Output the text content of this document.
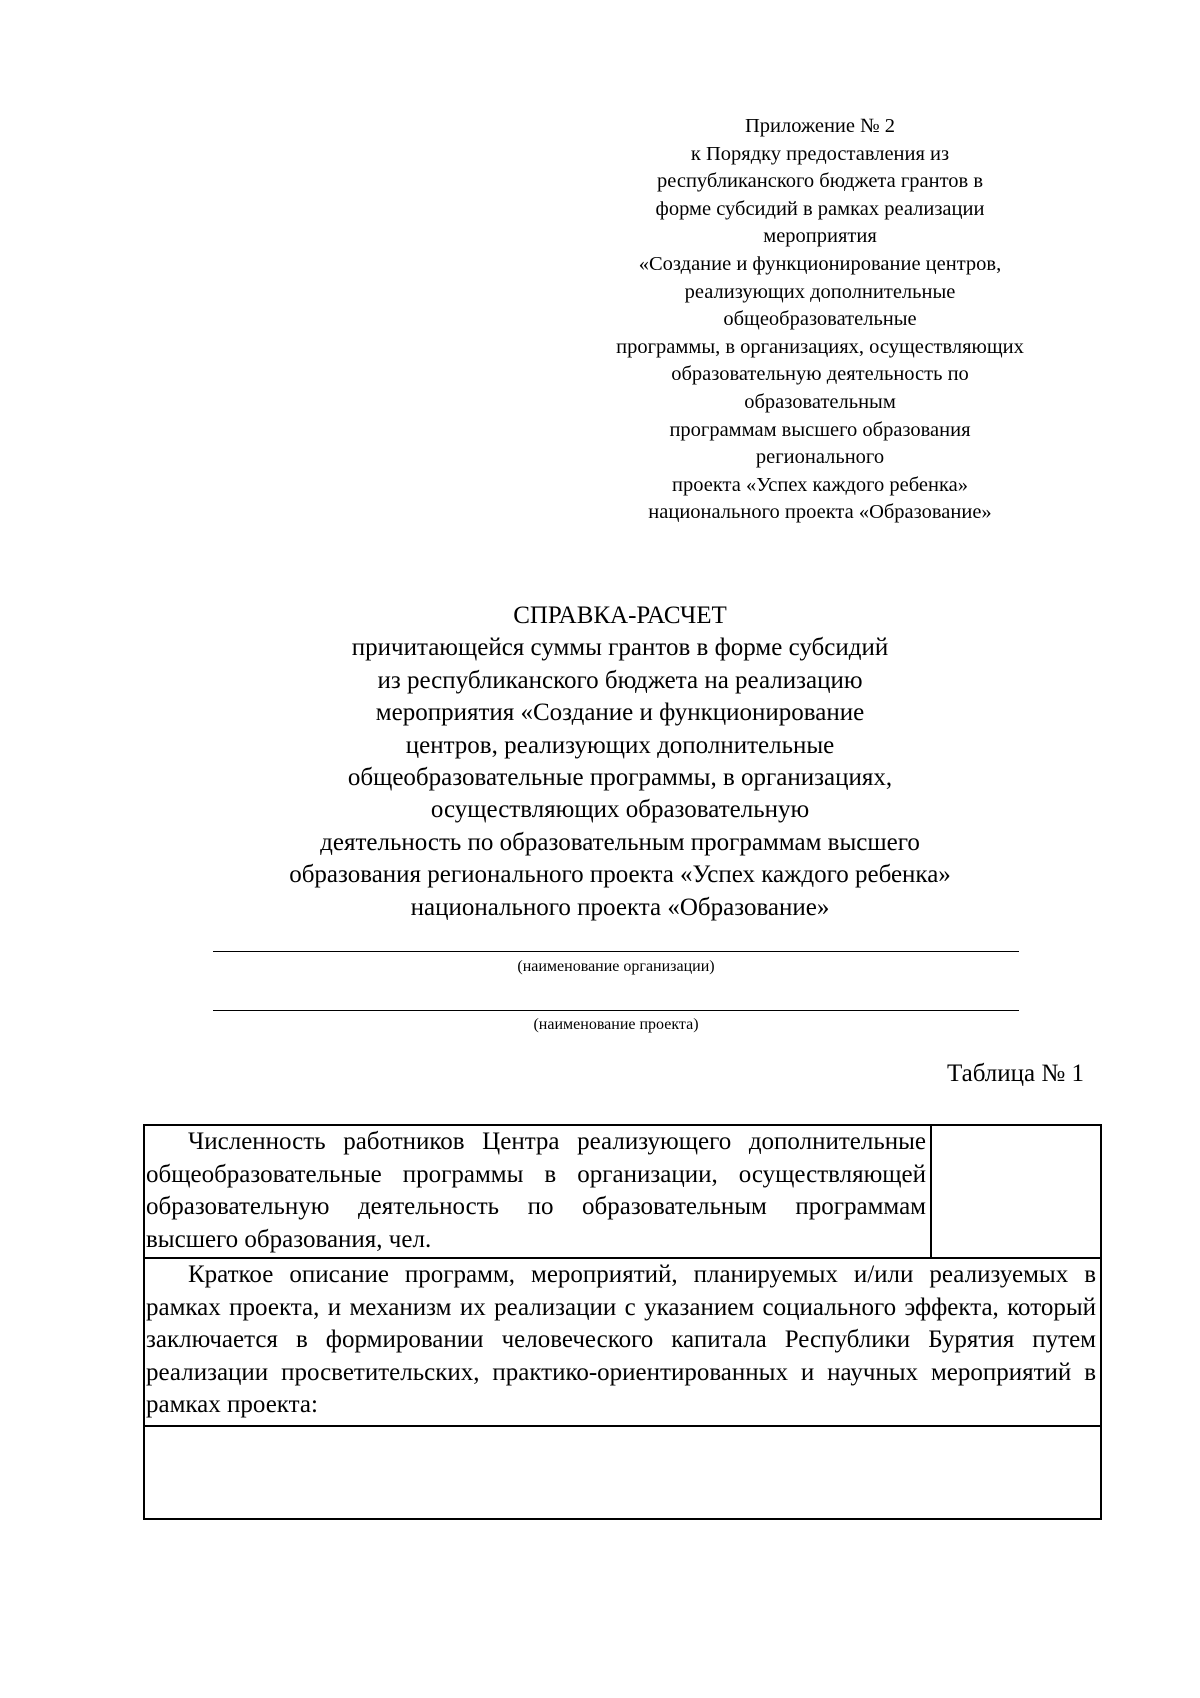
Приложение № 2
к Порядку предоставления из
республиканского бюджета грантов в
форме субсидий в рамках реализации
мероприятия
«Создание и функционирование центров,
реализующих дополнительные
общеобразовательные
программы, в организациях, осуществляющих
образовательную деятельность по
образовательным
программам высшего образования
регионального
проекта «Успех каждого ребенка»
национального проекта «Образование»
СПРАВКА-РАСЧЕТ
причитающейся суммы грантов в форме субсидий
из республиканского бюджета на реализацию
мероприятия «Создание и функционирование
центров, реализующих дополнительные
общеобразовательные программы, в организациях,
осуществляющих образовательную
деятельность по образовательным программам высшего
образования регионального проекта «Успех каждого ребенка»
национального проекта «Образование»
(наименование организации)
(наименование проекта)
Таблица № 1
Численность работников Центра реализующего дополнительные общеобразовательные программы в организации, осуществляющей образовательную деятельность по образовательным программам высшего образования, чел.
Краткое описание программ, мероприятий, планируемых и/или реализуемых в рамках проекта, и механизм их реализации с указанием социального эффекта, который заключается в формировании человеческого капитала Республики Бурятия путем реализации просветительских, практико-ориентированных и научных мероприятий в рамках проекта:
